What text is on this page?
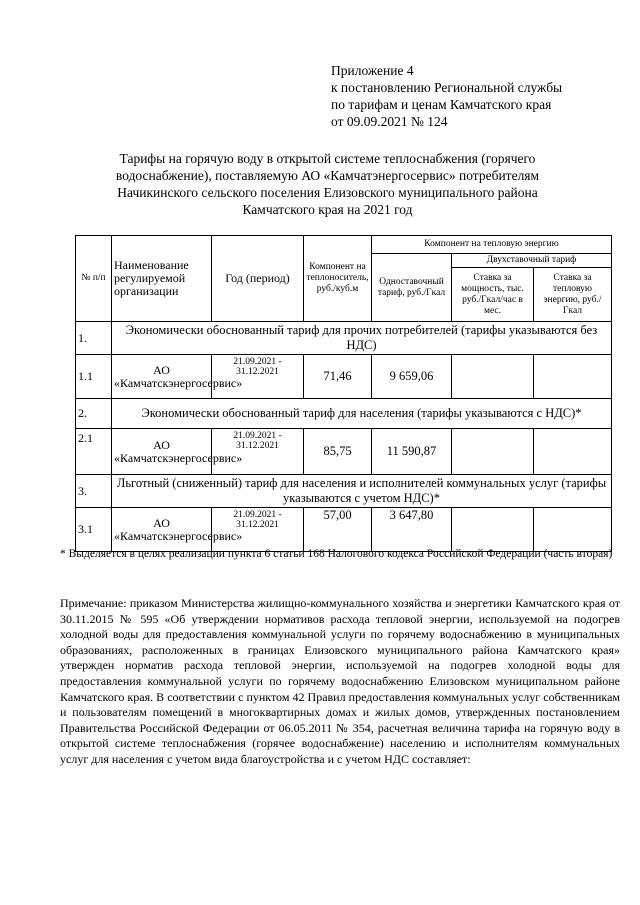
Приложение 4
к постановлению Региональной службы
по тарифам и ценам Камчатского края
от 09.09.2021 № 124
Тарифы на горячую воду в открытой системе теплоснабжения (горячего водоснабжение), поставляемую АО «Камчатэнергосервис» потребителям Начикинского сельского поселения Елизовского муниципального района Камчатского края на 2021 год
№ п/п	Наименование регулируемой организации	Год (период)	Компонент на теплоноситель, руб./куб.м	Компонент на тепловую энергию		
				Одноставочный тариф, руб./Гкал	Двухставочный тариф	
					Ставка за мощность, тыс. руб./Гкал/час в мес.	Ставка за тепловую энергию, руб./Гкал
1.	Экономически обоснованный тариф для прочих потребителей (тарифы указываются без НДС)					
1.1	АО «Камчатскэнергосервис»	21.09.2021 - 31.12.2021	71,46	9 659,06		
2.	Экономически обоснованный тариф для населения (тарифы указываются с НДС)*					
2.1	АО «Камчатскэнергосервис»	21.09.2021 - 31.12.2021	85,75	11 590,87		
3.	Льготный (сниженный) тариф для населения и исполнителей коммунальных услуг (тарифы указываются с учетом НДС)*					
3.1	АО «Камчатскэнергосервис»	21.09.2021 - 31.12.2021	57,00	3 647,80		
* Выделяется в целях реализации пункта 6 статьи 168 Налогового кодекса Российской Федерации (часть вторая)
Примечание: приказом Министерства жилищно-коммунального хозяйства и энергетики Камчатского края от 30.11.2015 № 595 «Об утверждении нормативов расхода тепловой энергии, используемой на подогрев холодной воды для предоставления коммунальной услуги по горячему водоснабжению в муниципальных образованиях, расположенных в границах Елизовского муниципального района Камчатского края» утвержден норматив расхода тепловой энергии, используемой на подогрев холодной воды для предоставления коммунальной услуги по горячему водоснабжению Елизовском муниципальном районе Камчатского края. В соответствии с пунктом 42 Правил предоставления коммунальных услуг собственникам и пользователям помещений в многоквартирных домах и жилых домов, утвержденных постановлением Правительства Российской Федерации от 06.05.2011 № 354, расчетная величина тарифа на горячую воду в открытой системе теплоснабжения (горячее водоснабжение) населению и исполнителям коммунальных услуг для населения с учетом вида благоустройства и с учетом НДС составляет:
